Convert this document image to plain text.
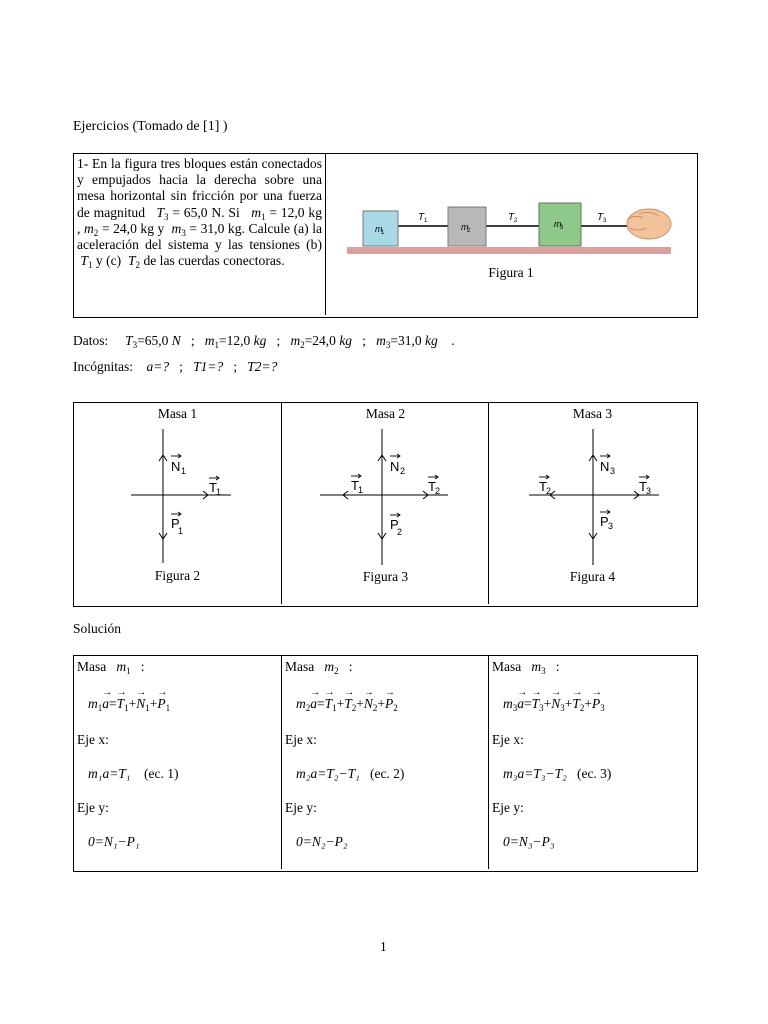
Ejercicios (Tomado de [1] )
1- En la figura tres bloques están conectados y empujados hacia la derecha sobre una mesa horizontal sin fricción por una fuerza de magnitud $T_3 = 65,0$ N. Si $m_1 = 12,0$ kg , $m_2 = 24,0$ kg y $m_3 = 31,0$ kg. Calcule (a) la aceleración del sistema y las tensiones (b)  $T_1$ y (c) $T_2$ de las cuerdas conectoras.
m
1
m
2
m
3
T 1	T 2	T 3
Figura 1
Datos: $T_3=65,0$ N ; $m_1=12,0$ kg ; $m_2=24,0$ kg ; $m_3=31,0$ kg .
Incógnitas: a=? ; T1=? ; T2=?
Masa 1
N 1
T 1
P
1
Figura 2
Masa 2
N 2
T 2
T 1
P
2
Figura 3
Masa 3
N 3
T 3
T 2
P 3
Figura 4
Solución
Masa $m_1$ :
$m_1\to a=\to T_1+\to N_1+\to P_1$
Eje x:
m₁a=T₁ (ec. 1)
Eje y:
0=N₁−P₁
Masa $m_2$ :
$m_2\to a=\to T_1+\to T_2+\to N_2+\to P_2$
Eje x:
m₂a=T₂−T₁ (ec. 2)
Eje y:
0=N₂−P₂
Masa $m_3$ :
$m_3\to a=\to T_3+\to N_3+\to T_2+\to P_3$
Eje x:
m₃a=T₃−T₂ (ec. 3)
Eje y:
0=N₃−P₃
1
